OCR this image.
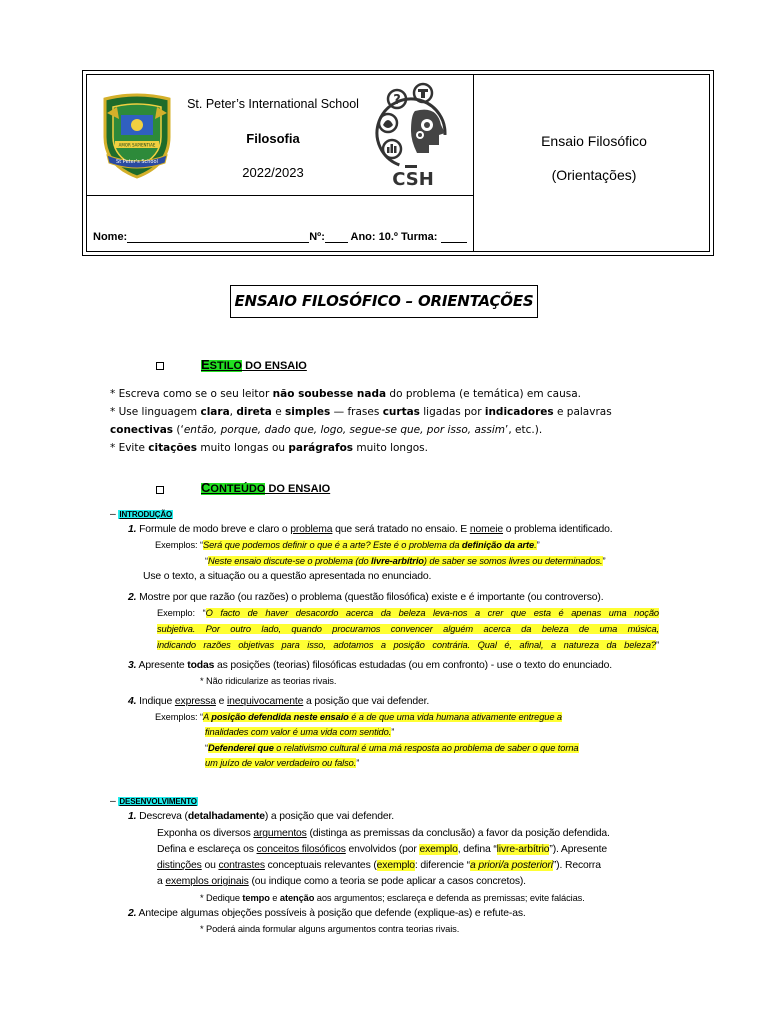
AMOR SAPIENTIAE
St Peter's School
St. Peter’s International School
Filosofia
2022/2023
?
CSH
Nome:	Nº: Ano: 10.º Turma:
Ensaio Filosófico
(Orientações)
ENSAIO FILOSÓFICO – ORIENTAÇÕES
ESTILO DO ENSAIO
* Escreva como se o seu leitor não soubesse nada do problema (e temática) em causa.
* Use linguagem clara, direta e simples — frases curtas ligadas por indicadores e palavras
conectivas (‘então, porque, dado que, logo, segue-se que, por isso, assim’, etc.).
* Evite citações muito longas ou parágrafos muito longos.
CONTEÚDO DO ENSAIO
– INTRODUÇÃO
1. Formule de modo breve e claro o problema que será tratado no ensaio. E nomeie o problema identificado.
Exemplos: “Será que podemos definir o que é a arte? Este é o problema da definição da arte.”
“Neste ensaio discute-se o problema (do livre-arbítrio) de saber se somos livres ou determinados.”
Use o texto, a situação ou a questão apresentada no enunciado.
2. Mostre por que razão (ou razões) o problema (questão filosófica) existe e é importante (ou controverso).
Exemplo: “O facto de haver desacordo acerca da beleza leva-nos a crer que esta é apenas uma noção
subjetiva. Por outro lado, quando procuramos convencer alguém acerca da beleza de uma música,
indicando razões objetivas para isso, adotamos a posição contrária. Qual é, afinal, a natureza da beleza?”
3. Apresente todas as posições (teorias) filosóficas estudadas (ou em confronto) - use o texto do enunciado.
* Não ridicularize as teorias rivais.
4. Indique expressa e inequivocamente a posição que vai defender.
Exemplos: “A posição defendida neste ensaio é a de que uma vida humana ativamente entregue a
finalidades com valor é uma vida com sentido.”
“Defenderei que o relativismo cultural é uma má resposta ao problema de saber o que torna
um juízo de valor verdadeiro ou falso.”
– DESENVOLVIMENTO
1. Descreva (detalhadamente) a posição que vai defender.
Exponha os diversos argumentos (distinga as premissas da conclusão) a favor da posição defendida.
Defina e esclareça os conceitos filosóficos envolvidos (por exemplo, defina “livre-arbítrio”). Apresente
distinções ou contrastes conceptuais relevantes (exemplo: diferencie “a priori/a posteriori”). Recorra
a exemplos originais (ou indique como a teoria se pode aplicar a casos concretos).
* Dedique tempo e atenção aos argumentos; esclareça e defenda as premissas; evite falácias.
2. Antecipe algumas objeções possíveis à posição que defende (explique-as) e refute-as.
* Poderá ainda formular alguns argumentos contra teorias rivais.
